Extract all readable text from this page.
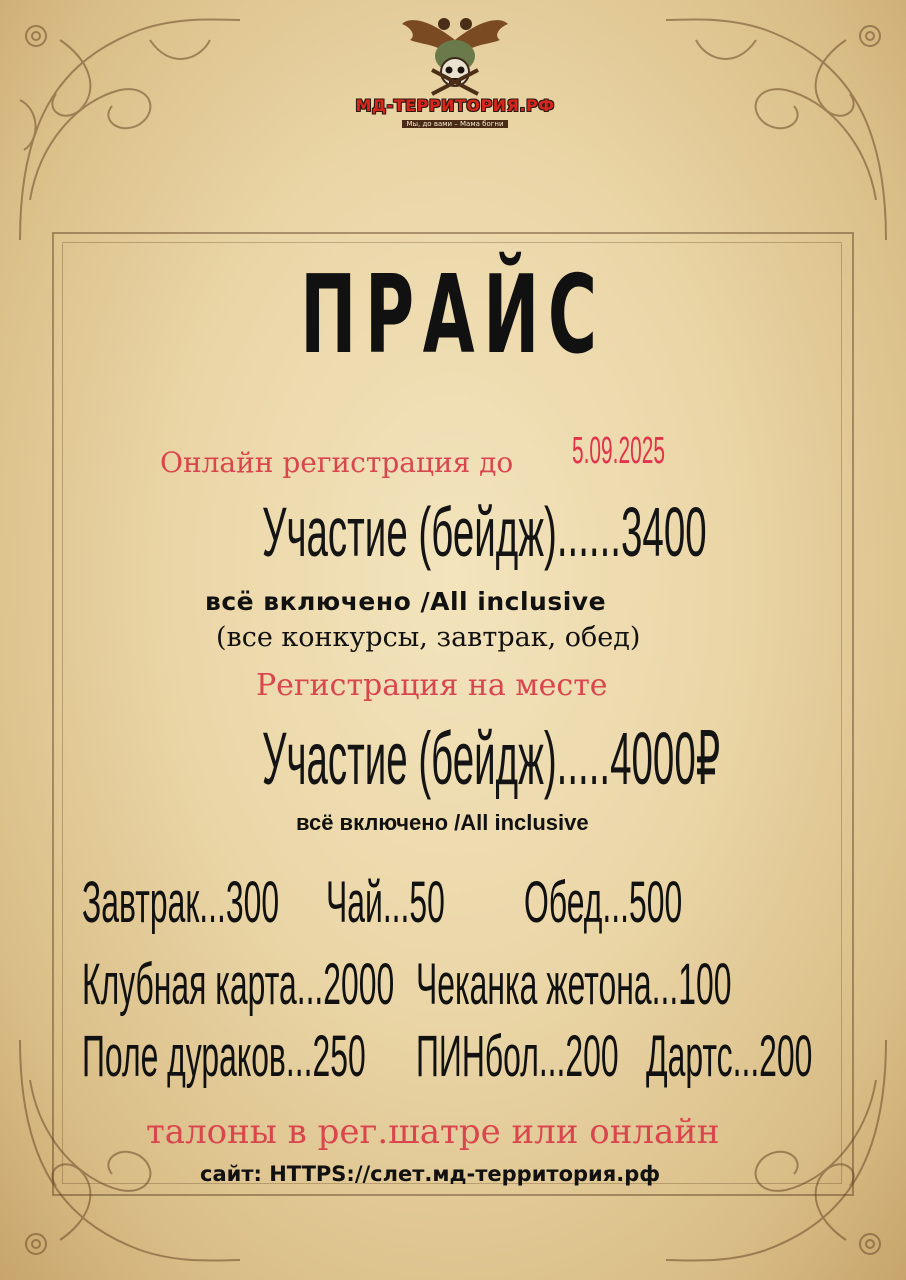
МД-ТЕРРИТОРИЯ.РФ
Мы, до вами – Мама богни
ПРАЙС
Онлайн регистрация до 5.09.2025
Участие (бейдж)......3400
всё включено /All inclusive
(все конкурсы, завтрак, обед)
Регистрация на месте
Участие (бейдж).....4000₽
всё включено /All inclusive
Завтрак...300 Чай...50 Обед...500
Клубная карта...2000 Чеканка жетона...100
Поле дураков...250 ПИНбол...200 Дартс...200
талоны в рег.шатре или онлайн
сайт: HTTPS://слет.мд-территория.рф
